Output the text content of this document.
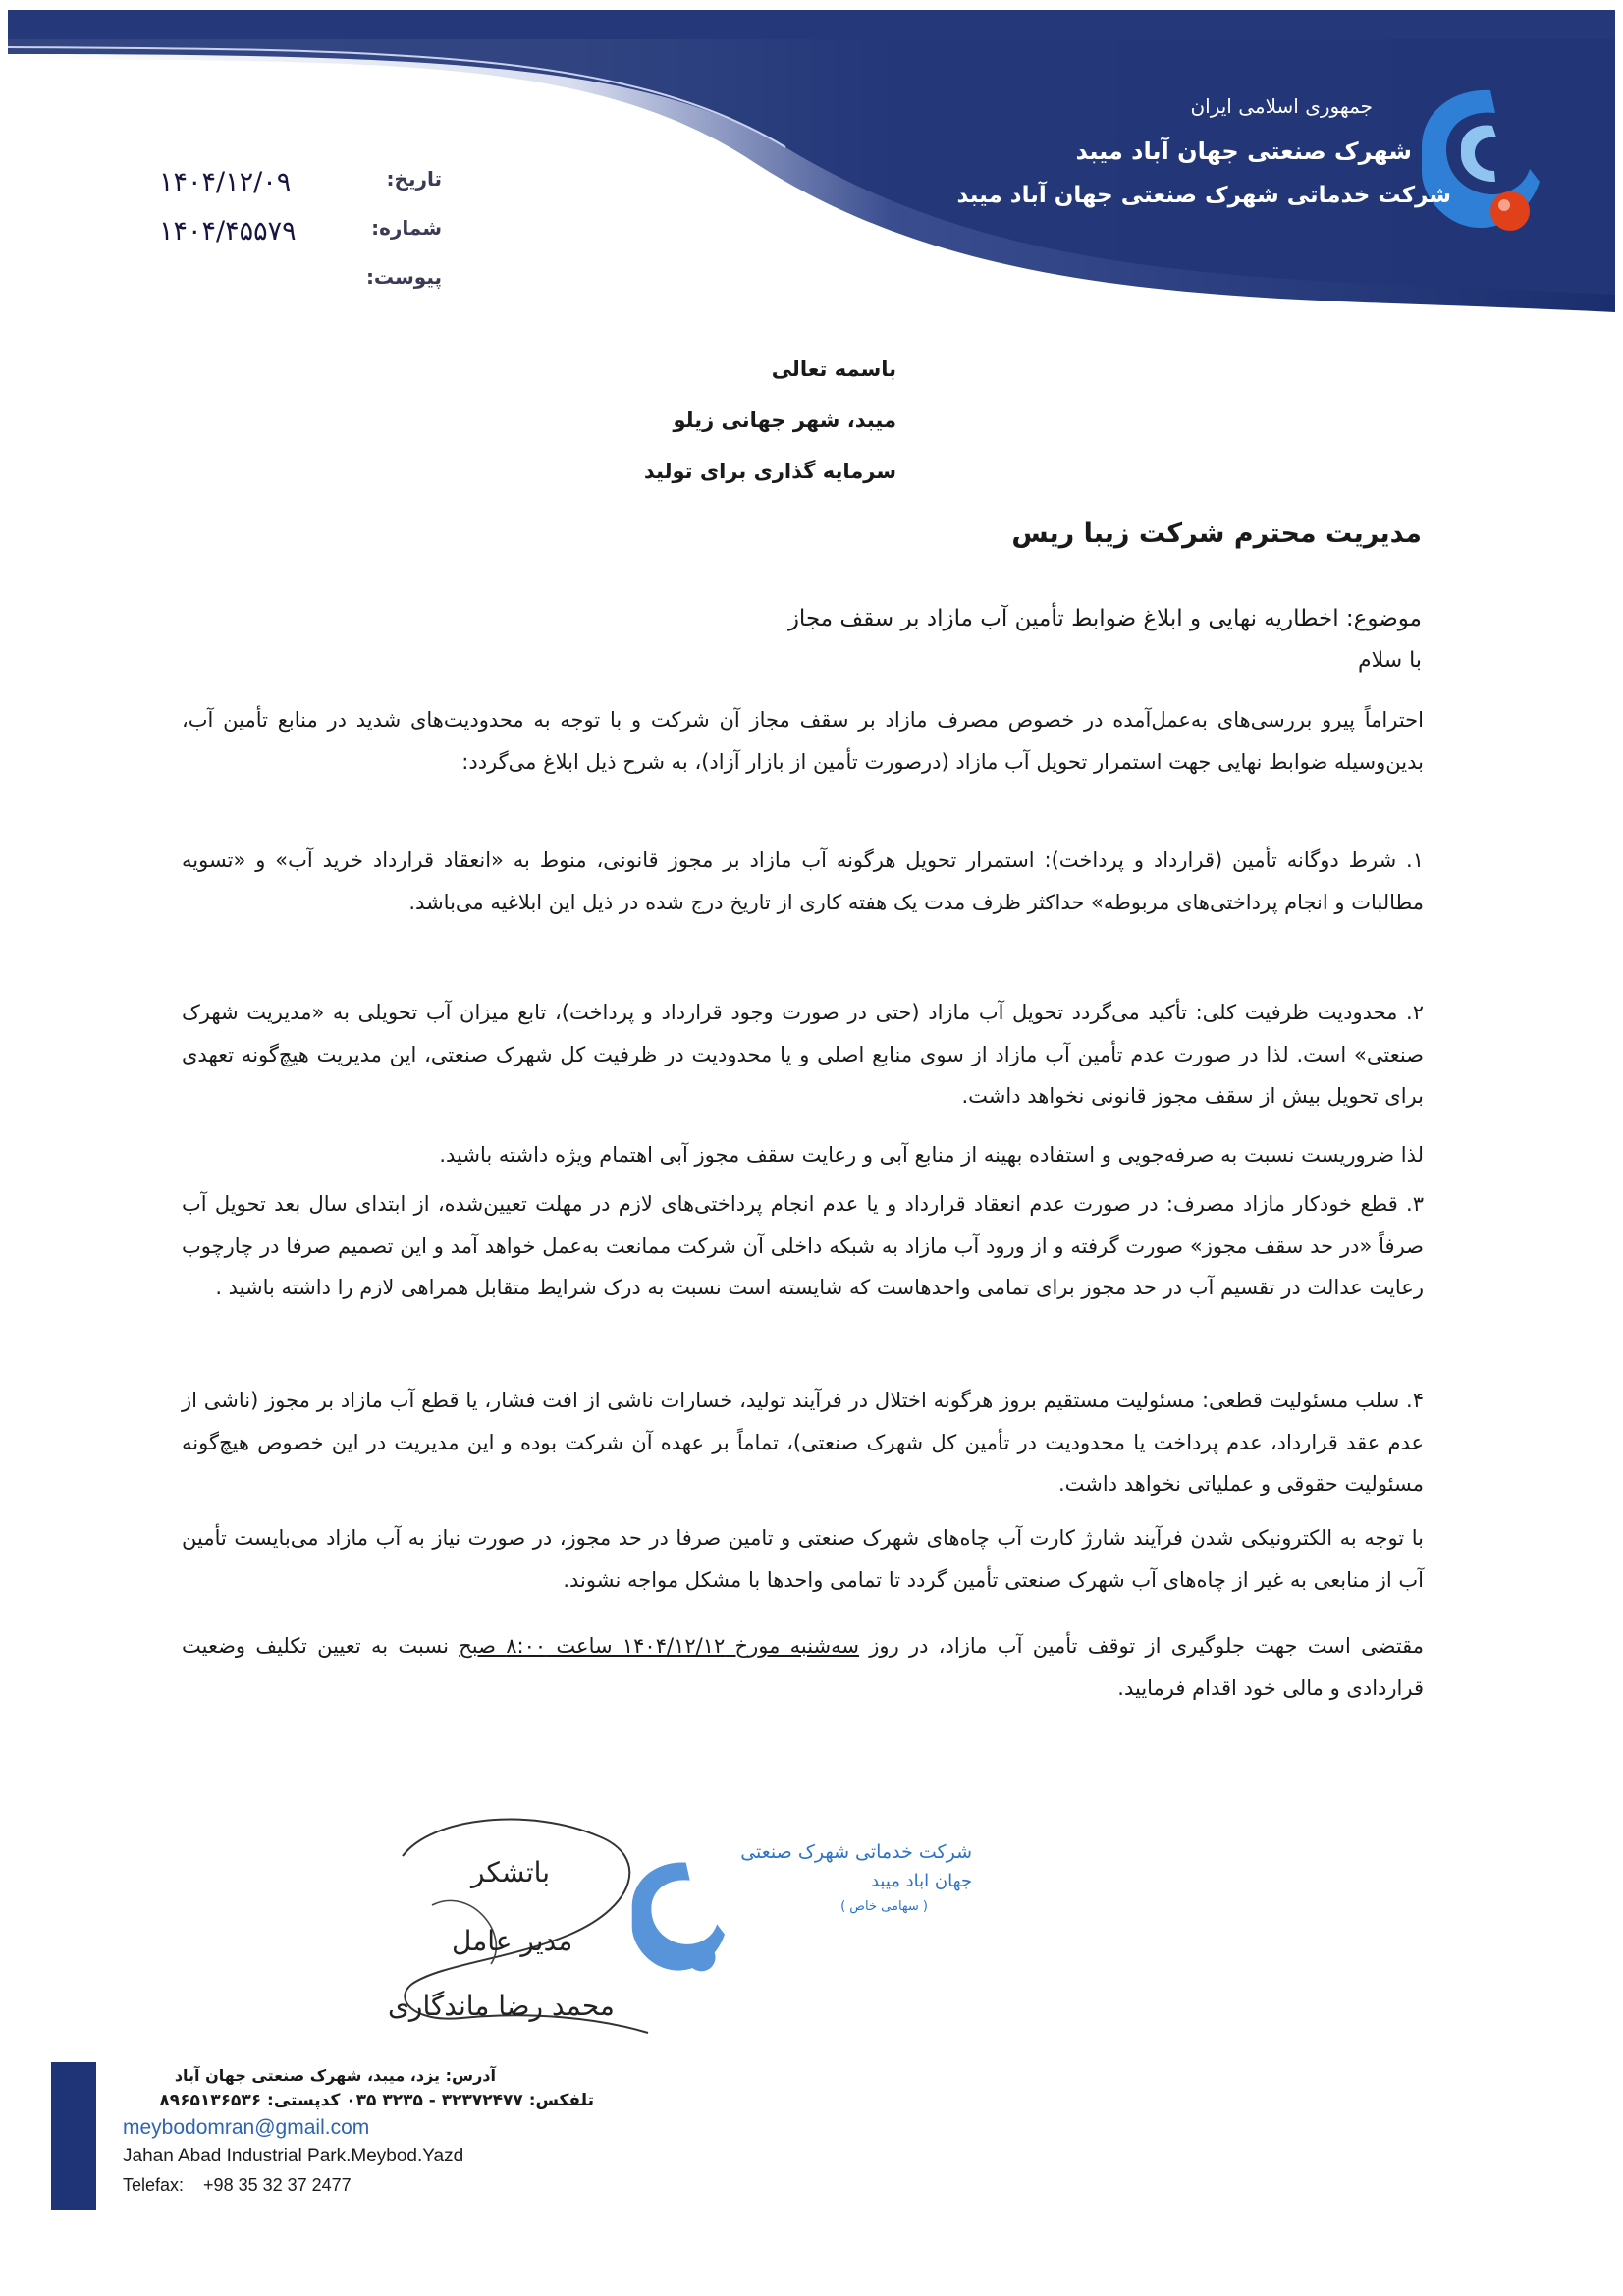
جمهوری اسلامی ایران
شهرک صنعتی جهان آباد میبد
شرکت خدماتی شهرک صنعتی جهان آباد میبد
۱۴۰۴/۱۲/۰۹	تاریخ:
۱۴۰۴/۴۵۵۷۹	شماره:
پیوست:
باسمه تعالی
میبد، شهر جهانی زیلو
سرمایه گذاری برای تولید
مدیریت محترم شرکت زیبا ریس
موضوع: اخطاریه نهایی و ابلاغ ضوابط تأمین آب مازاد بر سقف مجاز
با سلام
احتراماً پیرو بررسی‌های به‌عمل‌آمده در خصوص مصرف مازاد بر سقف مجاز آن شرکت و با توجه به محدودیت‌های شدید در منابع تأمین آب، بدین‌وسیله ضوابط نهایی جهت استمرار تحویل آب مازاد (درصورت تأمین از بازار آزاد)، به شرح ذیل ابلاغ می‌گردد:
۱. شرط دوگانه تأمین (قرارداد و پرداخت): استمرار تحویل هرگونه آب مازاد بر مجوز قانونی، منوط به «انعقاد قرارداد خرید آب» و «تسویه مطالبات و انجام پرداختی‌های مربوطه» حداکثر ظرف مدت یک هفته کاری از تاریخ درج شده در ذیل این ابلاغیه می‌باشد.
۲. محدودیت ظرفیت کلی: تأکید می‌گردد تحویل آب مازاد (حتی در صورت وجود قرارداد و پرداخت)، تابع میزان آب تحویلی به «مدیریت شهرک صنعتی» است. لذا در صورت عدم تأمین آب مازاد از سوی منابع اصلی و یا محدودیت در ظرفیت کل شهرک صنعتی، این مدیریت هیچ‌گونه تعهدی برای تحویل بیش از سقف مجوز قانونی نخواهد داشت.
لذا ضروریست نسبت به صرفه‌جویی و استفاده بهینه از منابع آبی و رعایت سقف مجوز آبی اهتمام ویژه داشته باشید.
۳. قطع خودکار مازاد مصرف: در صورت عدم انعقاد قرارداد و یا عدم انجام پرداختی‌های لازم در مهلت تعیین‌شده، از ابتدای سال بعد تحویل آب صرفاً «در حد سقف مجوز» صورت گرفته و از ورود آب مازاد به شبکه داخلی آن شرکت ممانعت به‌عمل خواهد آمد و این تصمیم صرفا در چارچوب رعایت عدالت در تقسیم آب در حد مجوز برای تمامی واحدهاست که شایسته است نسبت به درک شرایط متقابل همراهی لازم را داشته باشید .
۴. سلب مسئولیت قطعی: مسئولیت مستقیم بروز هرگونه اختلال در فرآیند تولید، خسارات ناشی از افت فشار، یا قطع آب مازاد بر مجوز (ناشی از عدم عقد قرارداد، عدم پرداخت یا محدودیت در تأمین کل شهرک صنعتی)، تماماً بر عهده آن شرکت بوده و این مدیریت در این خصوص هیچ‌گونه مسئولیت حقوقی و عملیاتی نخواهد داشت.
با توجه به الکترونیکی شدن فرآیند شارژ کارت آب چاه‌های شهرک صنعتی و تامین صرفا در حد مجوز، در صورت نیاز به آب مازاد می‌بایست تأمین آب از منابعی به غیر از چاه‌های آب شهرک صنعتی تأمین گردد تا تمامی واحدها با مشکل مواجه نشوند.
مقتضی است جهت جلوگیری از توقف تأمین آب مازاد، در روز سه‌شنبه مورخ ۱۴۰۴/۱۲/۱۲ ساعت ۸:۰۰ صبح نسبت به تعیین تکلیف وضعیت قراردادی و مالی خود اقدام فرمایید.
باتشکر
مدیر عامل
محمد رضا ماندگاری
شرکت خدماتی شهرک صنعتی
جهان اباد میبد
( سهامی خاص )
آدرس: یزد، میبد، شهرک صنعتی جهان آباد
تلفکس: ۳۲۳۷۲۴۷۷ - ۳۲۳۵ ۰۳۵ کدپستی: ۸۹۶۵۱۳۶۵۳۶
meybodomran@gmail.com
Jahan Abad Industrial Park.Meybod.Yazd
Telefax: +98 35 32 37 2477
